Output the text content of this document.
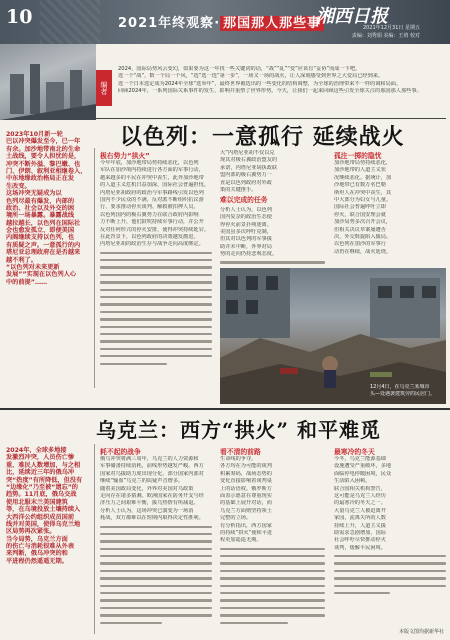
10	2021年终观察· 那国那人那些事
湘西日报
2021年12月31日 星期五
责编：刘秀娟 美编：王靖 校对
编者
2024，国际局势风云变幻，如果要为这一年找一些关键词的话，“战”“乱”“变”应该有“妥协”而成一下吧。
选一个“战”，数一个局一个风，“选”选一选“第一步”，一场又一场的战火，让人深刻感受到世界之大变局已经到来。
选一个日本选定成为2024年全球“选举年”，最终世界被选出的一些变化的结构调整，为全球的治理带来不一样的调和局面。
回顾2024年，一系列国际关系事件的发生，影响并重塑了世界形势。今天，让我们一起来回顾这些引发全球关注的那国那人那些事。
以色列：一意孤行 延续战火
2023年10月新一轮
巴以冲突爆发至今，已一年
有余。加沙地带南北的生命
土战线，要令人担忧的是，
冲突不断外溢，黎巴嫩、也
门、伊朗、叙利亚相继卷入，
中东地缘政治格局正在发
生改变。
这场冲突无疑成为以
色列尽最有爆发，内部的
政治、社会以及外交的困
境所一场暴露。暴露战线
越拉越长，以色列在国际社
会也愈发孤立，即便美国
内阁继续支持以色列，也
有质疑之声。一意孤行的内
塔尼亚总理政府在是否越来
越不利了。
“以色列对未来更新
发展””实现在以色列人心
中的前提”……
极右势力“拱火”
今年年底，加沙地带局势持续恶化，以色列
军队在加沙境内持续进行各方面的军事行动，
越来越多的平民在冲突中丧生，此外加沙地带
的人道主义危机日益加深，国际社会普遍担忧。
内塔尼亚胡政府的政治与军事路线引发以色列
国内不少民众的不满，反对派不断组织抗议游
行，要求推动停火谈判、解救被扣押人员。
以色列国内的极右翼势力在联合政府内影响
力不断上升，他们鼓吹持续军事行动，并公开
反对任何形式的停火安排，使得冲突持续延宕。
在此背景下，以色列政府的决策越发激进，
内塔尼亚胡的政治生存与战争走向高度绑定。
大”内塔尼亚胡不仅以兑
现其对极右翼政治盟友的
承诺，内塔尼亚胡执政联
盟内部的极右翼势力一
直是以色列政府对外政
策的关键推手。
难以完成的任务
分析人士认为，以色列
国内复杂的政治生态使
得停火前景扑朔迷离。
美国虽多次呼吁克制，
但其对以色列的军事援
助并未中断，外界对局
势的走向仍持悲观态度。
孤注一掷的隐忧
加沙地带局势持续恶化，
加沙地带的人道主义状
况继续恶化。据统计，加
沙地带已有数万名巴勒
斯坦人在冲突中丧生，其
中大部分为妇女与儿童。
国际社会普遍呼吁立即
停火，联合国安理会就
加沙局势多次召开会议，
但相关决议草案屡遭否
决，外交斡旋陷入僵局。
以色列在加沙的军事行
动仍在继续，战火延烧。
12月4日，在乌克兰某城市
头—处遇袭建筑旁的民居门。
乌克兰：西方“拱火” 和平难觅
2024年，全球多地接
发激烈冲突，人员伤亡惨
重，难民人数增加，与之相
比，延续近三年的俄乌冲
突“热度”有所降低，但没有
“边缘化”乃至被“遗忘”的
趋势。11月底，俄乌交战
使用北服末兰美国建筑
等，在乌境投放土壤持续入
大西洋公约组织成员国前
线并对美国，使得乌克兰地
区局势再次紧张。
当今局势，乌克兰方面
的伤亡与消耗很难从外表
来判断，俄乌冲突的和
平进程仍然遥遥无期。
耗不起的战争
俄乌冲突将满三周年，乌克兰的人力资源和
军事储备持续消耗，前线形势越发严峻。西方
国家对乌援助力度出现分化，部分国家内部对
继续“输血”乌克兰的质疑声音增多。
随着美国政局变化，外界对美国对乌政策
走向存在诸多猜测。欧洲国家在防务开支与经
济压力之间艰难平衡，援乌热情有所减退。
分析人士认为，这场冲突已演变为一场消
耗战，双方都难以在短期内取得决定性胜利。
看不清的前路
生命线的争夺。
各方均在为可能的谈判
积累筹码，战场态势的
变化直接影响着谈判桌
上的话语权。俄罗斯方
面表示愿意在尊重现实
的基础上展开对话，而
乌克兰方面则坚持领土
完整的立场。
有分析指出，西方国家
的持续“拱火”使和平进
程更加遥遥无期。
最寒冷的冬天
今冬，乌克兰能源基础
设施遭受严重破坏，多地
面临停电停暖困境，民众
生活陷入困顿。
联合国相关机构警告，
这可能是乌克兰人经历
的最寒冷的冬天之一。
大量乌克兰人被迫离开
家园，流离失所的人数
持续上升，人道主义援
助需求急剧增加，国际
社会呼吁尽快推动停火
谈判，缓解平民困境。
本版文图均据新华社
